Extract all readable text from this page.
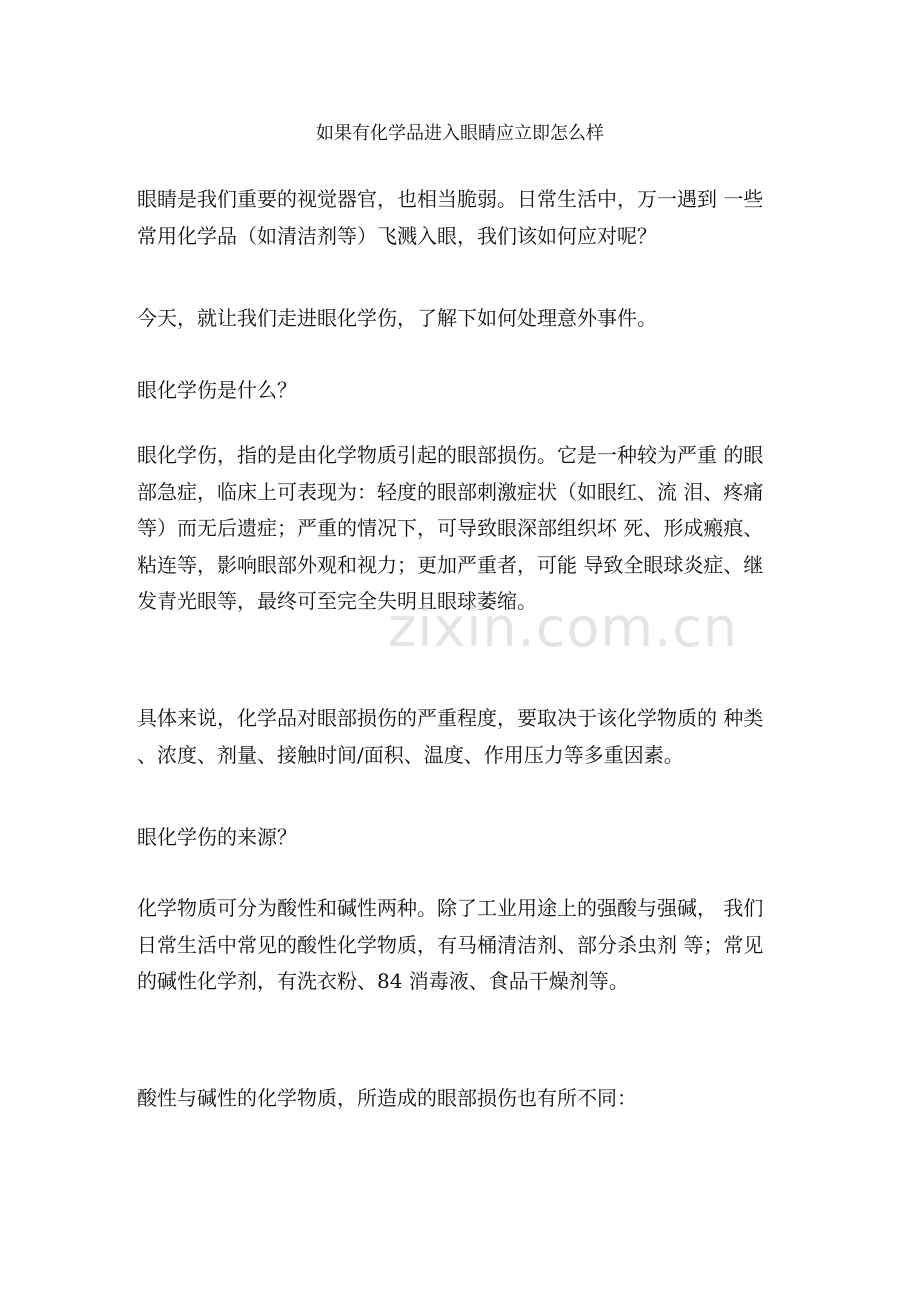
如果有化学品进入眼睛应立即怎么样
眼睛是我们重要的视觉器官，也相当脆弱。日常生活中，万一遇到 一些
常用化学品（如清洁剂等）飞溅入眼，我们该如何应对呢？
今天，就让我们走进眼化学伤，了解下如何处理意外事件。
眼化学伤是什么？
眼化学伤，指的是由化学物质引起的眼部损伤。它是一种较为严重 的眼
部急症，临床上可表现为：轻度的眼部刺激症状（如眼红、流 泪、疼痛
等）而无后遗症；严重的情况下，可导致眼深部组织坏 死、形成瘢痕、
粘连等，影响眼部外观和视力；更加严重者，可能 导致全眼球炎症、继
发青光眼等，最终可至完全失明且眼球萎缩。
具体来说，化学品对眼部损伤的严重程度，要取决于该化学物质的 种类
、浓度、剂量、接触时间/面积、温度、作用压力等多重因素。
眼化学伤的来源？
化学物质可分为酸性和碱性两种。除了工业用途上的强酸与强碱， 我们
日常生活中常见的酸性化学物质，有马桶清洁剂、部分杀虫剂 等；常见
的碱性化学剂，有洗衣粉、84 消毒液、食品干燥剂等。
酸性与碱性的化学物质，所造成的眼部损伤也有所不同：
zixin.com.cn
